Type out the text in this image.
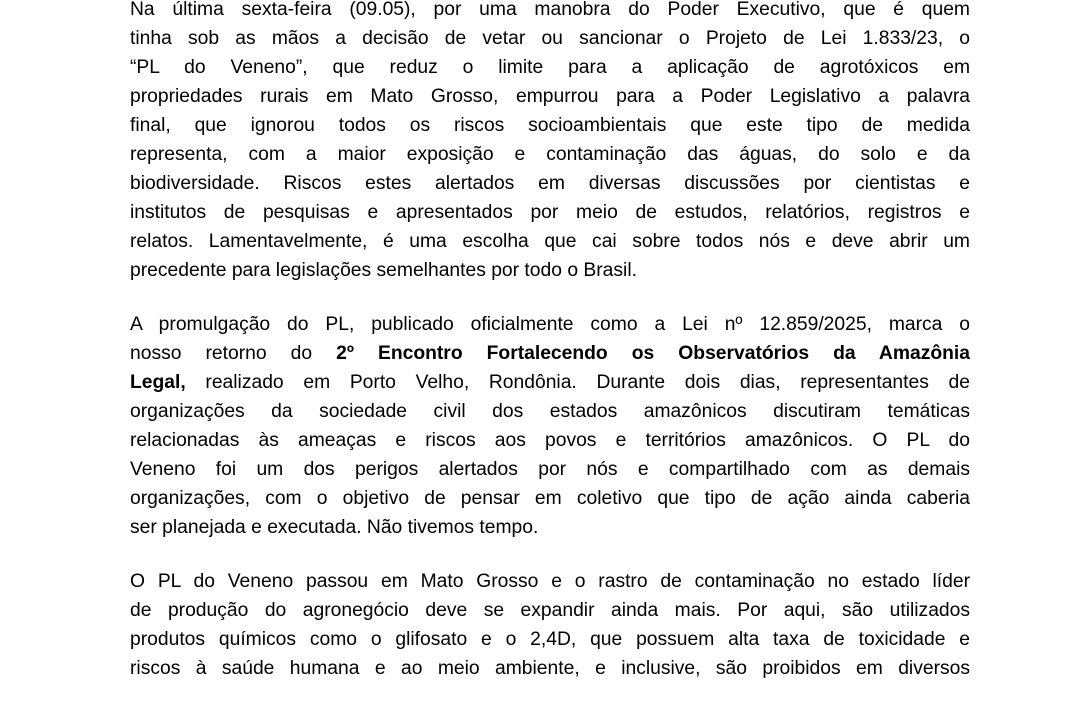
Na última sexta-feira (09.05), por uma manobra do Poder Executivo, que é quem
tinha sob as mãos a decisão de vetar ou sancionar o Projeto de Lei 1.833/23, o
“PL do Veneno”, que reduz o limite para a aplicação de agrotóxicos em
propriedades rurais em Mato Grosso, empurrou para a Poder Legislativo a palavra
final, que ignorou todos os riscos socioambientais que este tipo de medida
representa, com a maior exposição e contaminação das águas, do solo e da
biodiversidade. Riscos estes alertados em diversas discussões por cientistas e
institutos de pesquisas e apresentados por meio de estudos, relatórios, registros e
relatos. Lamentavelmente, é uma escolha que cai sobre todos nós e deve abrir um
precedente para legislações semelhantes por todo o Brasil.
A promulgação do PL, publicado oficialmente como a Lei nº 12.859/2025, marca o
nosso retorno do 2º Encontro Fortalecendo os Observatórios da Amazônia
Legal, realizado em Porto Velho, Rondônia. Durante dois dias, representantes de
organizações da sociedade civil dos estados amazônicos discutiram temáticas
relacionadas às ameaças e riscos aos povos e territórios amazônicos. O PL do
Veneno foi um dos perigos alertados por nós e compartilhado com as demais
organizações, com o objetivo de pensar em coletivo que tipo de ação ainda caberia
ser planejada e executada. Não tivemos tempo.
O PL do Veneno passou em Mato Grosso e o rastro de contaminação no estado líder
de produção do agronegócio deve se expandir ainda mais. Por aqui, são utilizados
produtos químicos como o glifosato e o 2,4D, que possuem alta taxa de toxicidade e
riscos à saúde humana e ao meio ambiente, e inclusive, são proibidos em diversos
